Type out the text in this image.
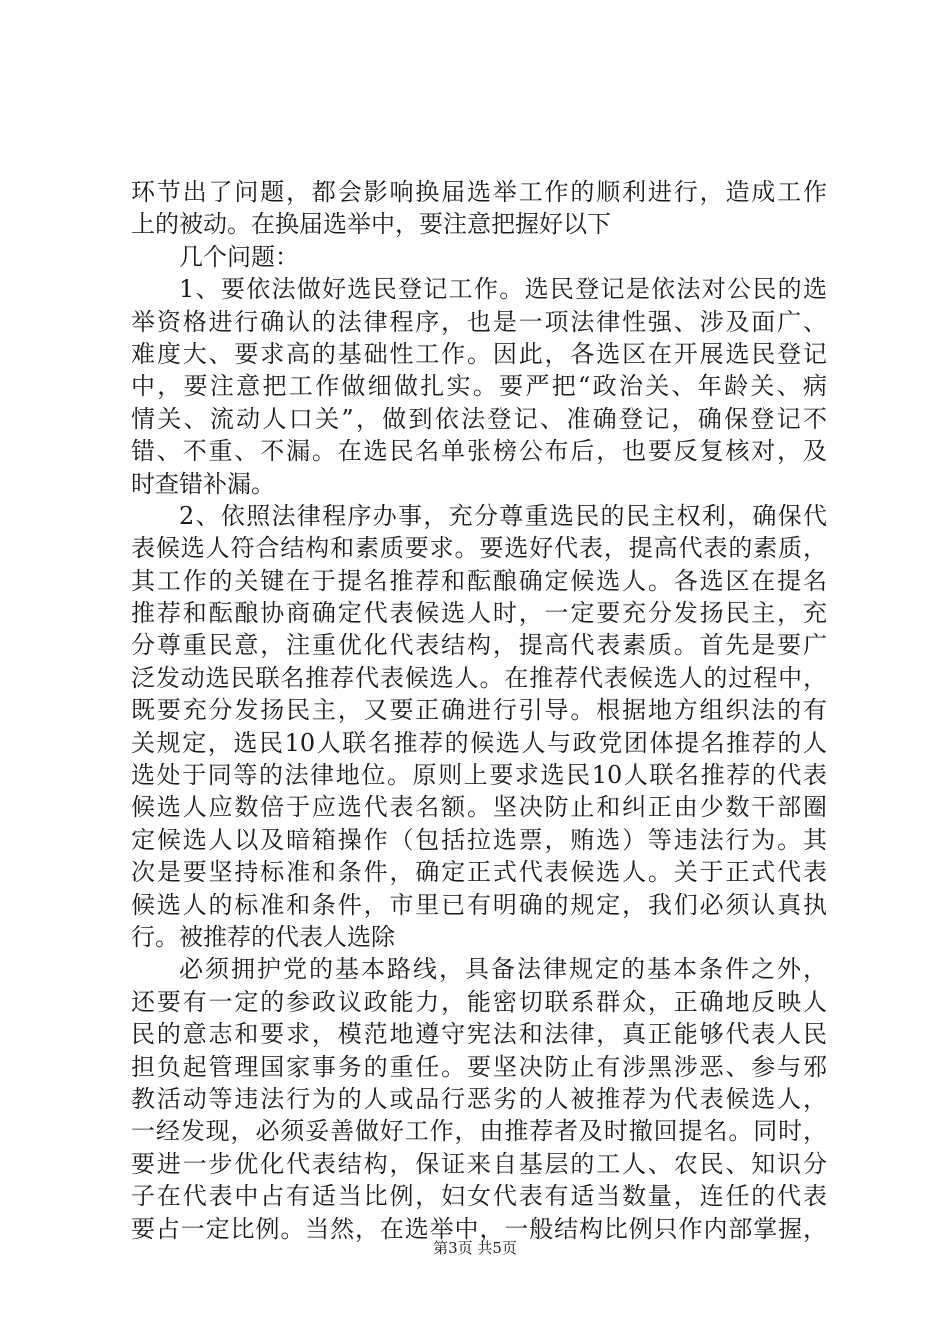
环节出了问题，都会影响换届选举工作的顺利进行，造成工作
上的被动。在换届选举中，要注意把握好以下
几个问题：
1、要依法做好选民登记工作。选民登记是依法对公民的选
举资格进行确认的法律程序，也是一项法律性强、涉及面广、
难度大、要求高的基础性工作。因此，各选区在开展选民登记
中，要注意把工作做细做扎实。要严把“政治关、年龄关、病
情关、流动人口关”，做到依法登记、准确登记，确保登记不
错、不重、不漏。在选民名单张榜公布后，也要反复核对，及
时查错补漏。
2、依照法律程序办事，充分尊重选民的民主权利，确保代
表候选人符合结构和素质要求。要选好代表，提高代表的素质，
其工作的关键在于提名推荐和酝酿确定候选人。各选区在提名
推荐和酝酿协商确定代表候选人时，一定要充分发扬民主，充
分尊重民意，注重优化代表结构，提高代表素质。首先是要广
泛发动选民联名推荐代表候选人。在推荐代表候选人的过程中，
既要充分发扬民主，又要正确进行引导。根据地方组织法的有
关规定，选民10人联名推荐的候选人与政党团体提名推荐的人
选处于同等的法律地位。原则上要求选民10人联名推荐的代表
候选人应数倍于应选代表名额。坚决防止和纠正由少数干部圈
定候选人以及暗箱操作（包括拉选票，贿选）等违法行为。其
次是要坚持标准和条件，确定正式代表候选人。关于正式代表
候选人的标准和条件，市里已有明确的规定，我们必须认真执
行。被推荐的代表人选除
必须拥护党的基本路线，具备法律规定的基本条件之外，
还要有一定的参政议政能力，能密切联系群众，正确地反映人
民的意志和要求，模范地遵守宪法和法律，真正能够代表人民
担负起管理国家事务的重任。要坚决防止有涉黑涉恶、参与邪
教活动等违法行为的人或品行恶劣的人被推荐为代表候选人，
一经发现，必须妥善做好工作，由推荐者及时撤回提名。同时，
要进一步优化代表结构，保证来自基层的工人、农民、知识分
子在代表中占有适当比例，妇女代表有适当数量，连任的代表
要占一定比例。当然，在选举中，一般结构比例只作内部掌握，
第3页 共5页
